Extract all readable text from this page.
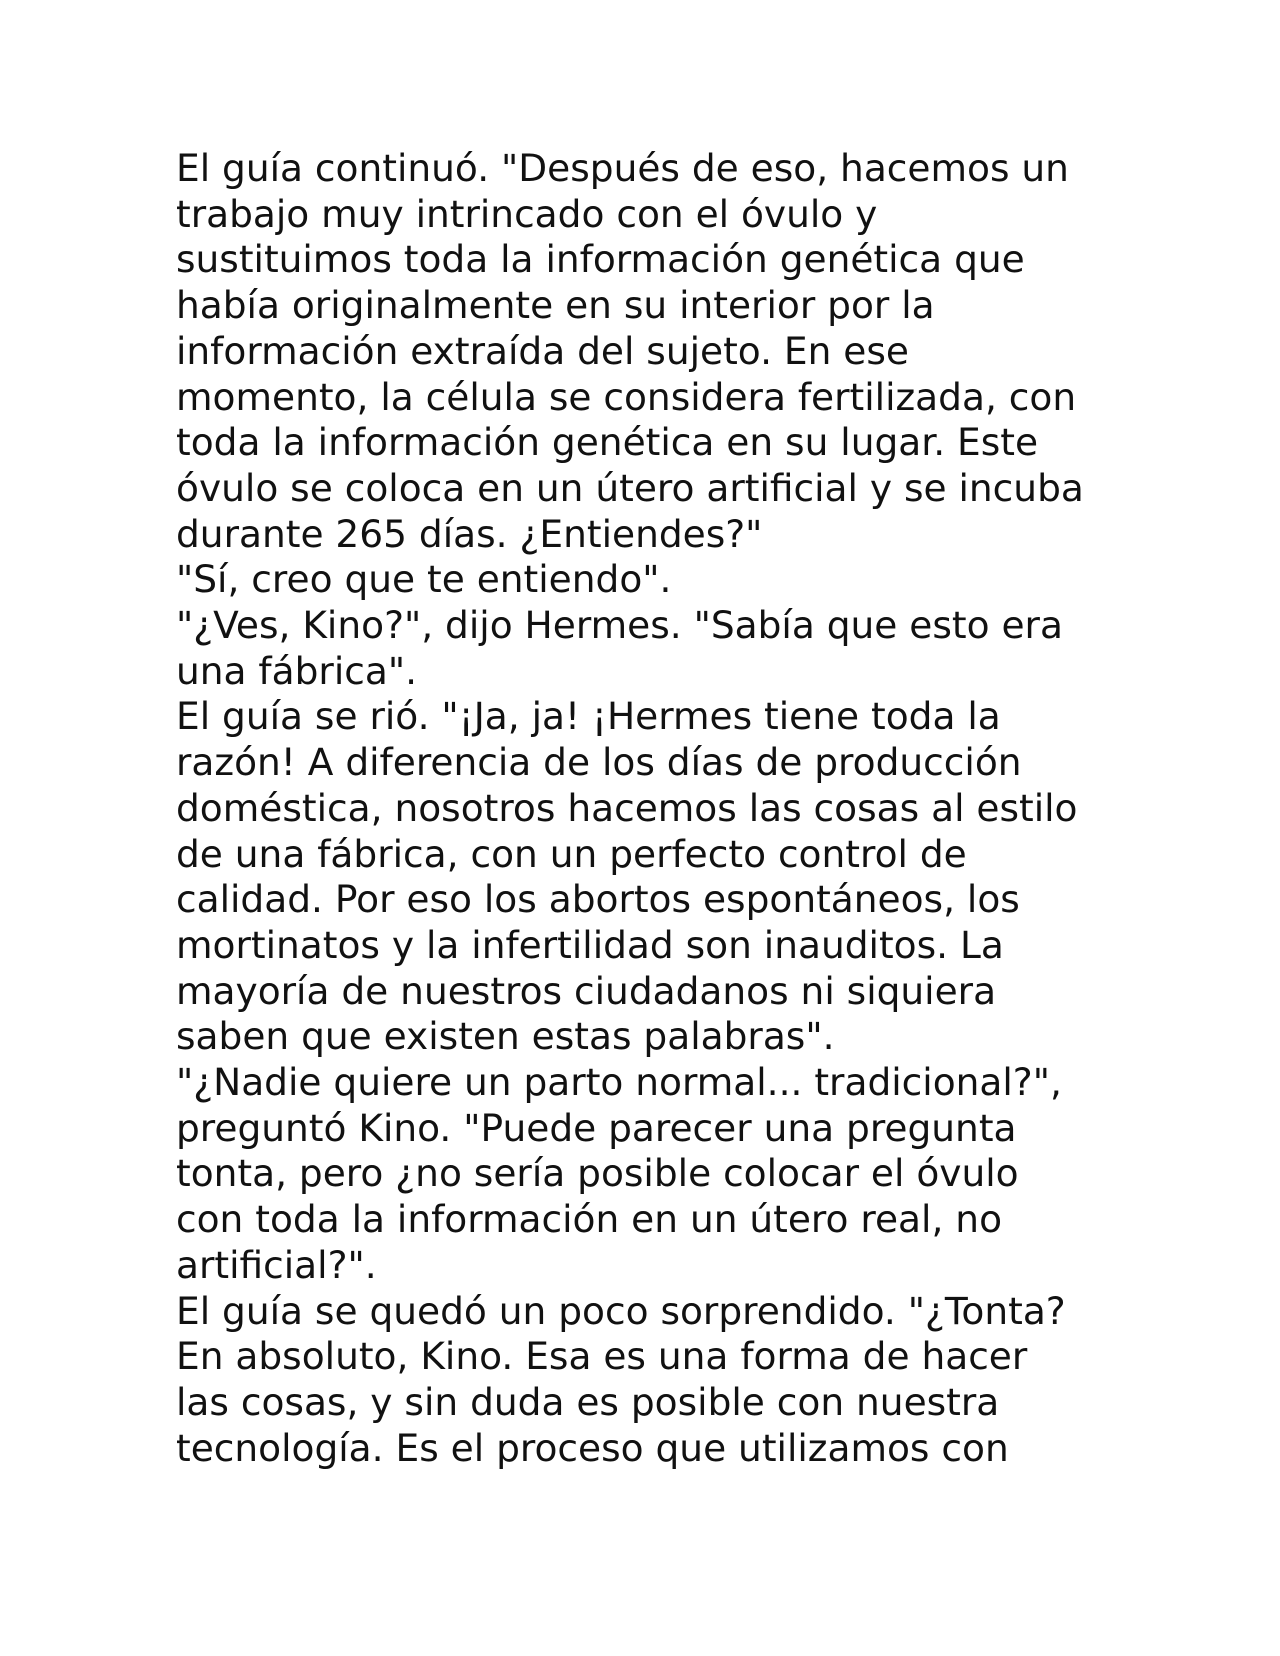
El guía continuó. "Después de eso, hacemos un
trabajo muy intrincado con el óvulo y
sustituimos toda la información genética que
había originalmente en su interior por la
información extraída del sujeto. En ese
momento, la célula se considera fertilizada, con
toda la información genética en su lugar. Este
óvulo se coloca en un útero artificial y se incuba
durante 265 días. ¿Entiendes?"

"Sí, creo que te entiendo".

"¿Ves, Kino?", dijo Hermes. "Sabía que esto era
una fábrica".

El guía se rió. "¡Ja, ja! ¡Hermes tiene toda la
razón! A diferencia de los días de producción
doméstica, nosotros hacemos las cosas al estilo
de una fábrica, con un perfecto control de
calidad. Por eso los abortos espontáneos, los
mortinatos y la infertilidad son inauditos. La
mayoría de nuestros ciudadanos ni siquiera
saben que existen estas palabras".

"¿Nadie quiere un parto normal... tradicional?",
preguntó Kino. "Puede parecer una pregunta
tonta, pero ¿no sería posible colocar el óvulo
con toda la información en un útero real, no
artificial?".

El guía se quedó un poco sorprendido. "¿Tonta?
En absoluto, Kino. Esa es una forma de hacer
las cosas, y sin duda es posible con nuestra
tecnología. Es el proceso que utilizamos con
